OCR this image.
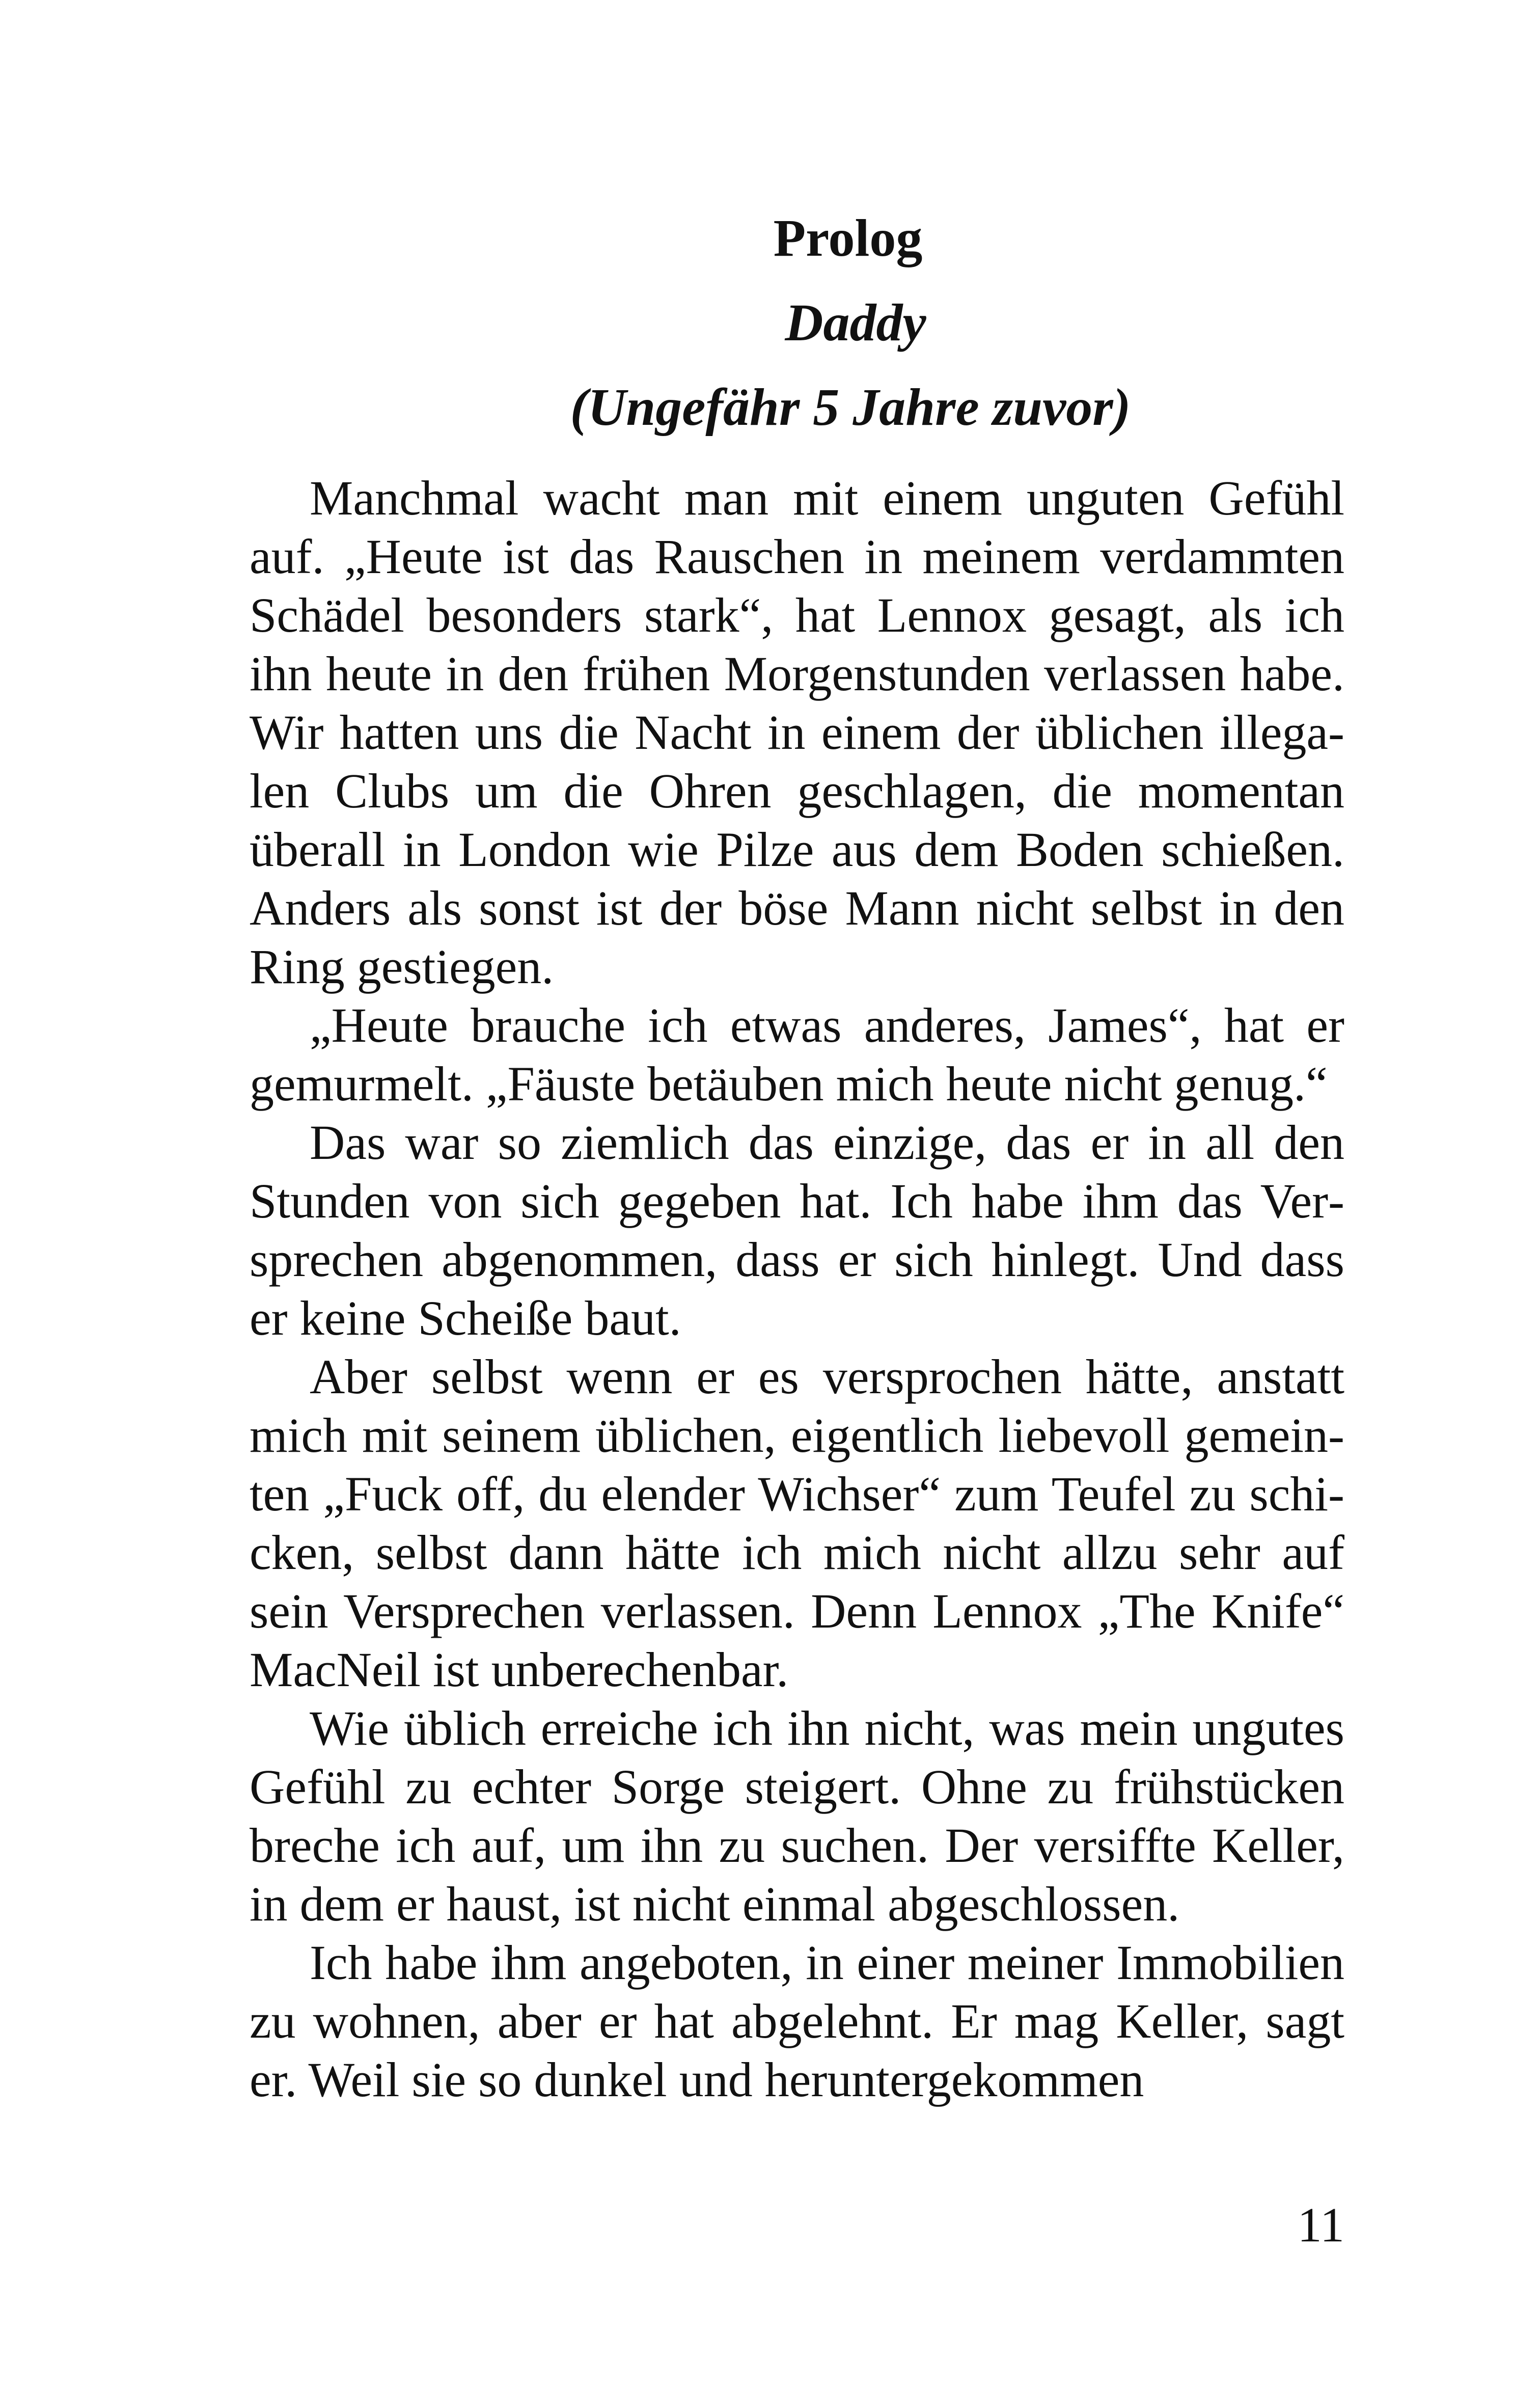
Prolog
Daddy
(Ungefähr 5 Jahre zuvor)

Manchmal wacht man mit einem unguten Gefühl auf. „Heute ist das Rauschen in meinem verdammten Schädel besonders stark“, hat Lennox gesagt, als ich ihn heute in den frühen Morgenstunden verlassen habe. Wir hatten uns die Nacht in einem der üblichen illegalen Clubs um die Ohren geschlagen, die momentan überall in London wie Pilze aus dem Boden schießen. Anders als sonst ist der böse Mann nicht selbst in den Ring gestiegen.

„Heute brauche ich etwas anderes, James“, hat er gemurmelt. „Fäuste betäuben mich heute nicht genug.“

Das war so ziemlich das einzige, das er in all den Stunden von sich gegeben hat. Ich habe ihm das Versprechen abgenommen, dass er sich hinlegt. Und dass er keine Scheiße baut.

Aber selbst wenn er es versprochen hätte, anstatt mich mit seinem üblichen, eigentlich liebevoll gemeinten „Fuck off, du elender Wichser“ zum Teufel zu schicken, selbst dann hätte ich mich nicht allzu sehr auf sein Versprechen verlassen. Denn Lennox „The Knife“ MacNeil ist unberechenbar.

Wie üblich erreiche ich ihn nicht, was mein ungutes Gefühl zu echter Sorge steigert. Ohne zu frühstücken breche ich auf, um ihn zu suchen. Der versiffte Keller, in dem er haust, ist nicht einmal abgeschlossen.

Ich habe ihm angeboten, in einer meiner Immobilien zu wohnen, aber er hat abgelehnt. Er mag Keller, sagt er. Weil sie so dunkel und heruntergekommen

11
